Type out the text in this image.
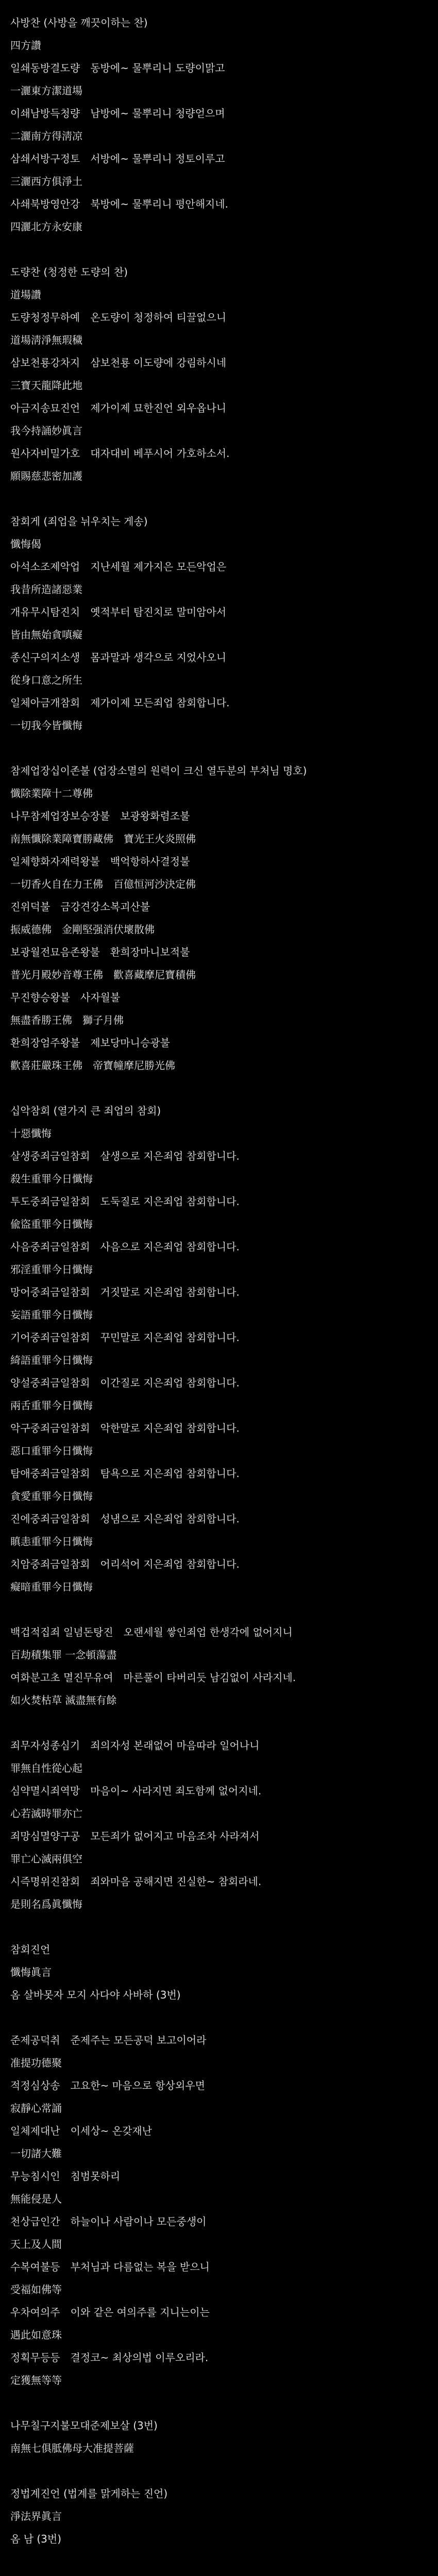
사방찬 (사방을 깨끗이하는 찬)
四方讚
일쇄동방결도량　동방에~ 물뿌리니 도량이맑고
一灑東方潔道場
이쇄남방득청량　남방에~ 물뿌리니 청량얻으며
二灑南方得淸凉
삼쇄서방구정토　서방에~ 물뿌리니 정토이루고
三灑西方俱淨土
사쇄북방영안강　북방에~ 물뿌리니 평안해지네.
四灑北方永安康
도량찬 (청정한 도량의 찬)
道場讚
도량청정무하예　온도량이 청정하여 티끌없으니
道場淸淨無瑕穢
삼보천룡강차지　삼보천룡 이도량에 강림하시네
三寶天龍降此地
아금지송묘진언　제가이제 묘한진언 외우옵나니
我今持誦妙眞言
원사자비밀가호　대자대비 베푸시어 가호하소서.
願賜慈悲密加護
참회게 (죄업을 뉘우치는 게송)
懺悔偈
아석소조제악업　지난세월 제가지은 모든악업은
我昔所造諸惡業
개유무시탐진치　옛적부터 탐진치로 말미암아서
皆由無始貪嗔癡
종신구의지소생　몸과말과 생각으로 지었사오니
從身口意之所生
일체아금개참회　제가이제 모든죄업 참회합니다.
一切我今皆懺悔
참제업장십이존불 (업장소멸의 원력이 크신 열두분의 부처님 명호)
懺除業障十二尊佛
나무참제업장보승장불　보광왕화렴조불
南無懺除業障寶勝藏佛　寶光王火炎照佛
일체향화자재력왕불　백억항하사결정불
一切香火自在力王佛　百億恒河沙決定佛
진위덕불　금강견강소복괴산불
振威德佛　金剛堅强消伏壞散佛
보광월전묘음존왕불　환희장마니보적불
普光月殿妙音尊王佛　歡喜藏摩尼寶積佛
무진향승왕불　사자월불
無盡香勝王佛　獅子月佛
환희장엄주왕불　제보당마니승광불
歡喜莊嚴珠王佛　帝寶幢摩尼勝光佛
십악참회 (열가지 큰 죄업의 참회)
十惡懺悔
살생중죄금일참회　살생으로 지은죄업 참회합니다.
殺生重罪今日懺悔
투도중죄금일참회　도둑질로 지은죄업 참회합니다.
偸盜重罪今日懺悔
사음중죄금일참회　사음으로 지은죄업 참회합니다.
邪淫重罪今日懺悔
망어중죄금일참회　거짓말로 지은죄업 참회합니다.
妄語重罪今日懺悔
기어중죄금일참회　꾸민말로 지은죄업 참회합니다.
綺語重罪今日懺悔
양설중죄금일참회　이간질로 지은죄업 참회합니다.
兩舌重罪今日懺悔
악구중죄금일참회　악한말로 지은죄업 참회합니다.
惡口重罪今日懺悔
탐애중죄금일참회　탐욕으로 지은죄업 참회합니다.
貪愛重罪今日懺悔
진에중죄금일참회　성냄으로 지은죄업 참회합니다.
瞋恚重罪今日懺悔
치암중죄금일참회　어리석어 지은죄업 참회합니다.
癡暗重罪今日懺悔
백겁적집죄 일념돈탕진　오랜세월 쌓인죄업 한생각에 없어지니
百劫積集罪 一念頓蕩盡
여화분고초 멸진무유여　마른풀이 타버리듯 남김없이 사라지네.
如火焚枯草 滅盡無有餘
죄무자성종심기　죄의자성 본래없어 마음따라 일어나니
罪無自性從心起
심약멸시죄역망　마음이~ 사라지면 죄도함께 없어지네.
心若滅時罪亦亡
죄망심멸양구공　모든죄가 없어지고 마음조차 사라져서
罪亡心滅兩俱空
시즉명위진참회　죄와마음 공해지면 진실한~ 참회라네.
是則名爲眞懺悔
참회진언
懺悔眞言
옴 살바못자 모지 사다야 사바하 (3번)
준제공덕취　준제주는 모든공덕 보고이어라
准提功德聚
적정심상송　고요한~ 마음으로 항상외우면
寂靜心常誦
일체제대난　이세상~ 온갖재난
一切諸大難
무능침시인　침범못하리
無能侵是人
천상급인간　하늘이나 사람이나 모든중생이
天上及人間
수복여불등　부처님과 다름없는 복을 받으니
受福如佛等
우차여의주　이와 같은 여의주를 지니는이는
遇此如意珠
정획무등등　결정코~ 최상의법 이루오리라.
定獲無等等
나무칠구지불모대준제보살 (3번)
南無七俱胝佛母大准提菩薩
정법계진언 (법계를 맑게하는 진언)
淨法界眞言
옴 남 (3번)
